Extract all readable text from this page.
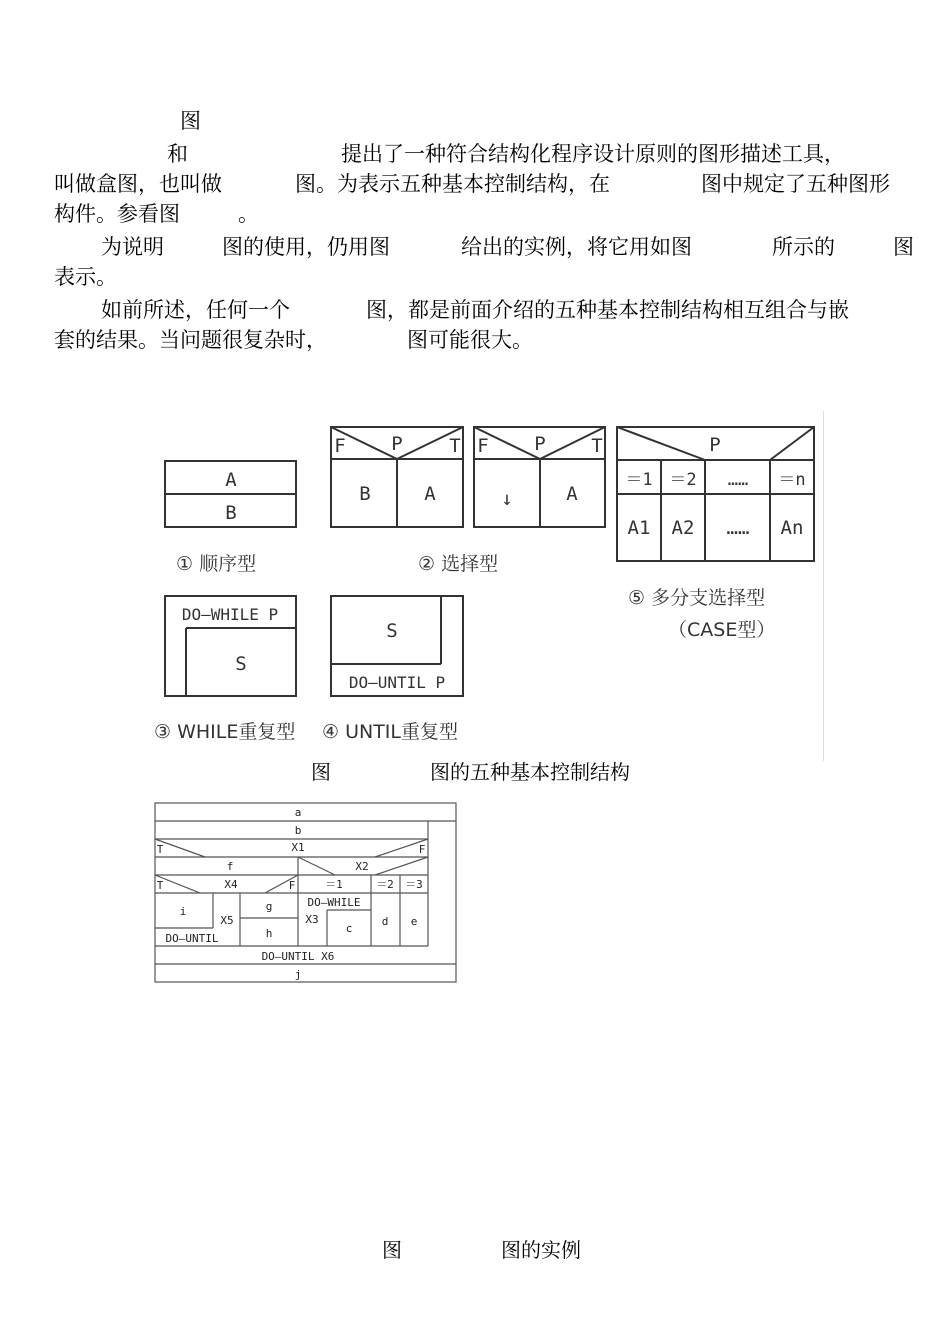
图
和	提出了一种符合结构化程序设计原则的图形描述工具，
叫做盒图，也叫做	图。为表示五种基本控制结构，在	图中规定了五种图形
构件。参看图	。
为说明	图的使用，仍用图	给出的实例，将它用如图	所示的	图
表示。
如前所述，任何一个	图，都是前面介绍的五种基本控制结构相互组合与嵌
套的结果。当问题很复杂时，	图可能很大。
A
B
F P T
B	A
F P T
↓	A
P
＝1 ＝2 …… ＝n
A1 A2 …… An
DO—WHILE P
S
S
DO—UNTIL P
① 顺序型	② 选择型
⑤ 多分支选择型
（CASE型）
③ WHILE重复型 ④ UNTIL重复型
图	图的五种基本控制结构
a
b
T	X1	F
f	X2
T	X4	F	＝1	＝2 ＝3
i
X5
DO—UNTIL
g
h
DO—WHILE
X3
c
d e
DO—UNTIL X6
j
图	图的实例
